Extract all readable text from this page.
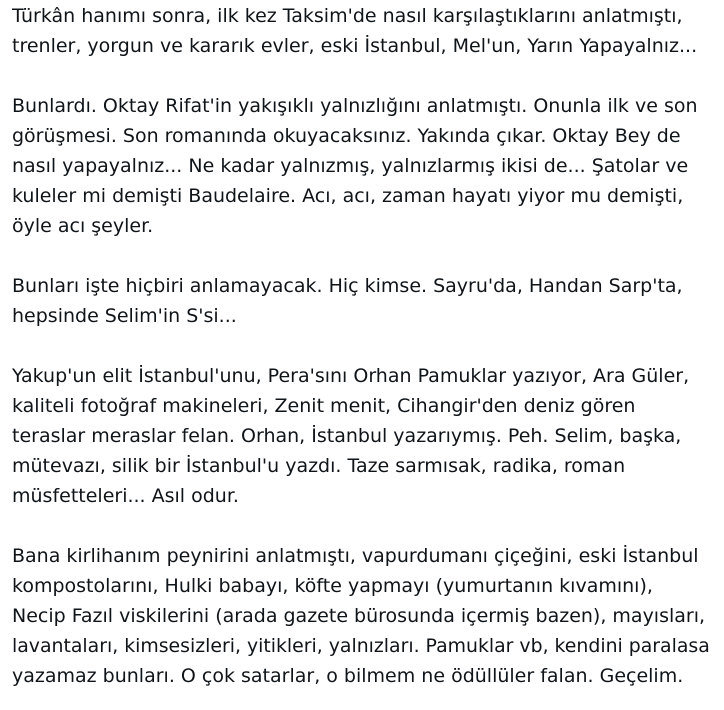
Türkân hanımı sonra, ilk kez Taksim'de nasıl karşılaştıklarını anlatmıştı,
trenler, yorgun ve kararık evler, eski İstanbul, Mel'un, Yarın Yapayalnız...

Bunlardı. Oktay Rifat'in yakışıklı yalnızlığını anlatmıştı. Onunla ilk ve son
görüşmesi. Son romanında okuyacaksınız. Yakında çıkar. Oktay Bey de
nasıl yapayalnız... Ne kadar yalnızmış, yalnızlarmış ikisi de... Şatolar ve
kuleler mi demişti Baudelaire. Acı, acı, zaman hayatı yiyor mu demişti,
öyle acı şeyler.

Bunları işte hiçbiri anlamayacak. Hiç kimse. Sayru'da, Handan Sarp'ta,
hepsinde Selim'in S'si...

Yakup'un elit İstanbul'unu, Pera'sını Orhan Pamuklar yazıyor, Ara Güler,
kaliteli fotoğraf makineleri, Zenit menit, Cihangir'den deniz gören
teraslar meraslar felan. Orhan, İstanbul yazarıymış. Peh. Selim, başka,
mütevazı, silik bir İstanbul'u yazdı. Taze sarmısak, radika, roman
müsfetteleri... Asıl odur.

Bana kirlihanım peynirini anlatmıştı, vapurdumanı çiçeğini, eski İstanbul
kompostolarını, Hulki babayı, köfte yapmayı (yumurtanın kıvamını),
Necip Fazıl viskilerini (arada gazete bürosunda içermiş bazen), mayısları,
lavantaları, kimsesizleri, yitikleri, yalnızları. Pamuklar vb, kendini paralasa
yazamaz bunları. O çok satarlar, o bilmem ne ödüllüler falan. Geçelim.
